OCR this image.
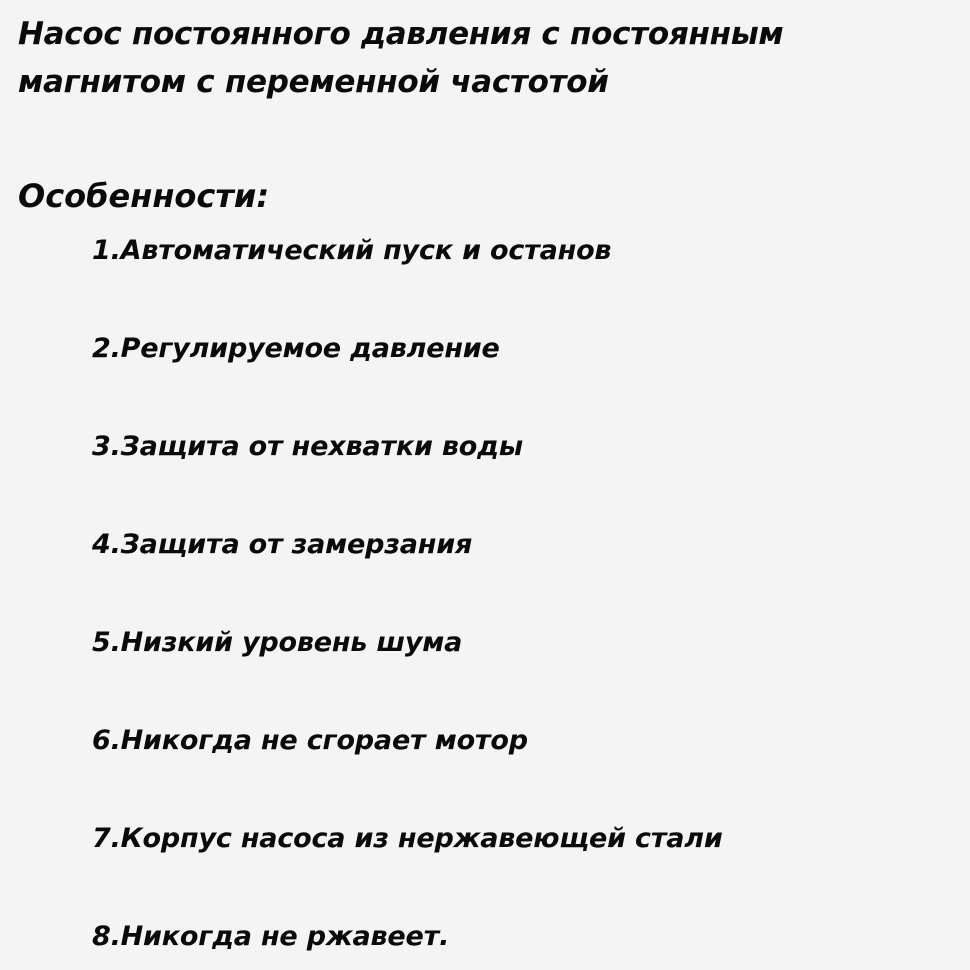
Насос постоянного давления с постоянным магнитом с переменной частотой
Особенности:
1.Автоматический пуск и останов
2.Регулируемое давление
3.Защита от нехватки воды
4.Защита от замерзания
5.Низкий уровень шума
6.Никогда не сгорает мотор
7.Корпус насоса из нержавеющей стали
8.Никогда не ржавеет.
